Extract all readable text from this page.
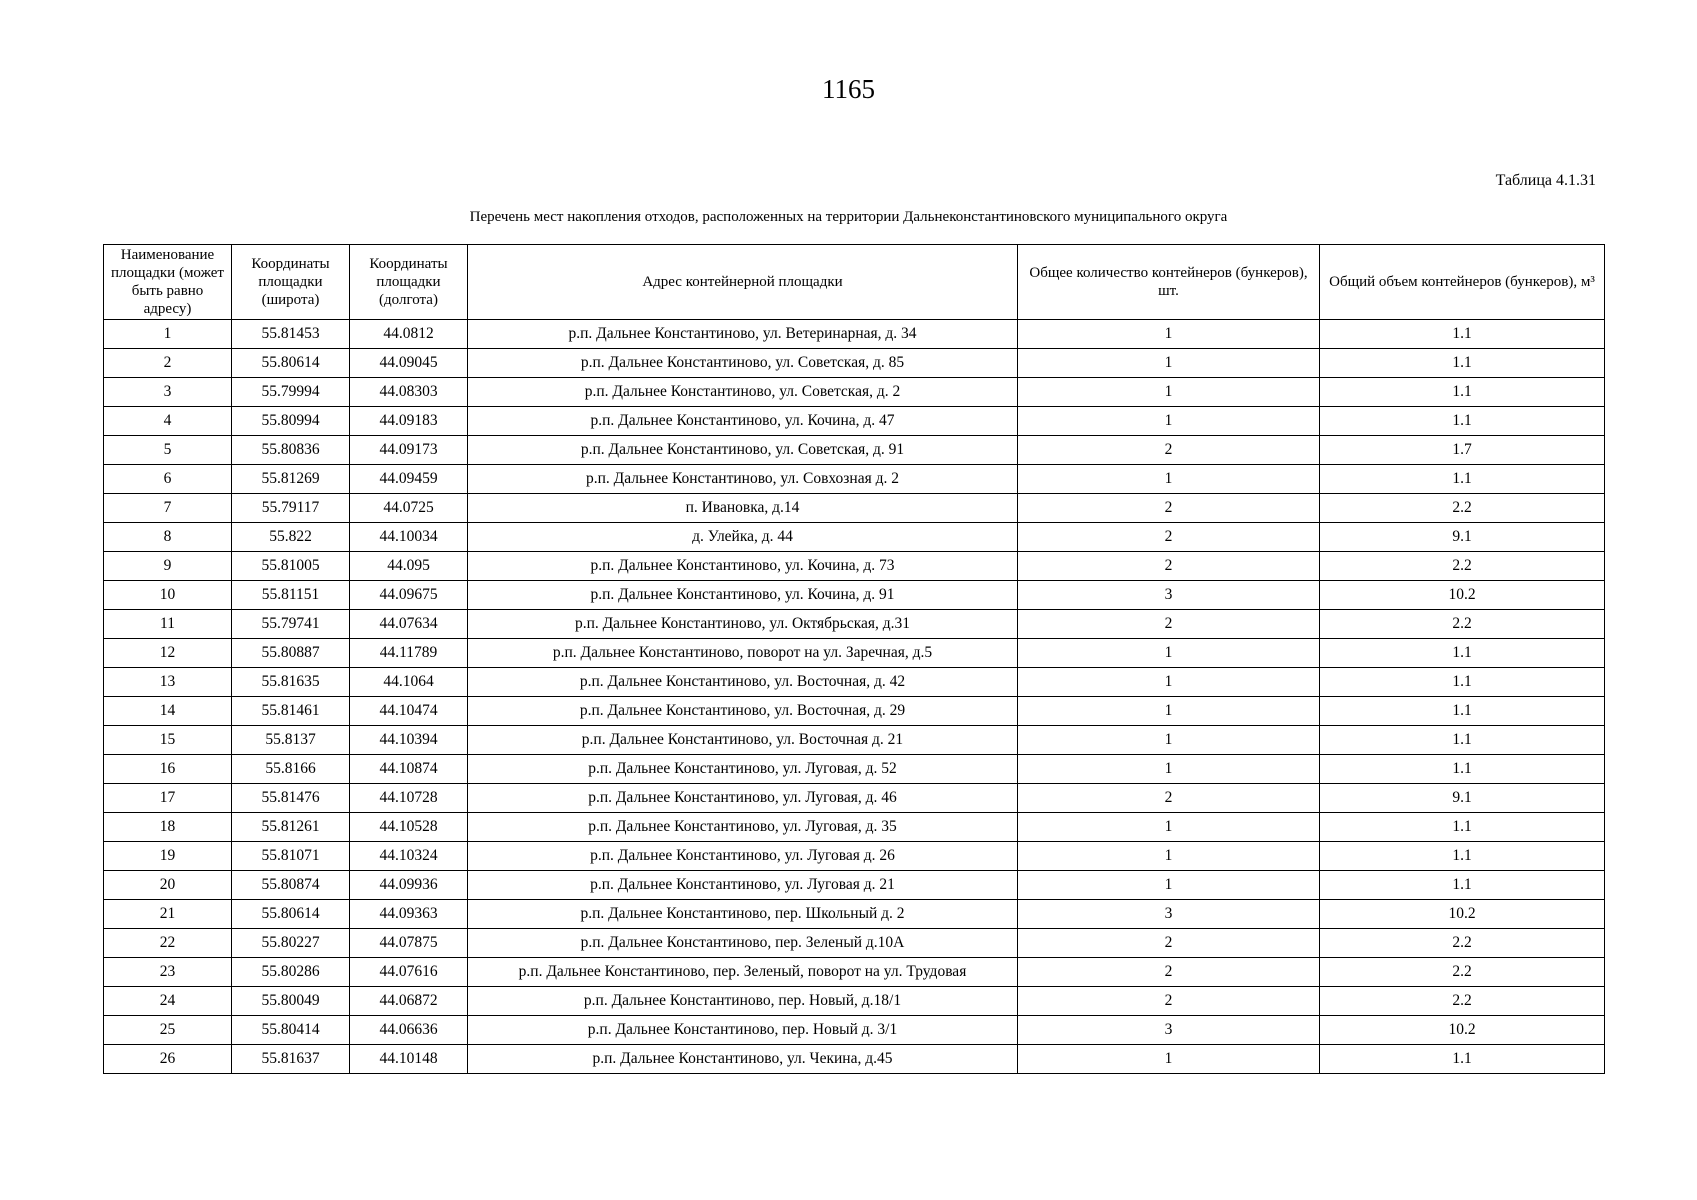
1165
Таблица 4.1.31
Перечень мест накопления отходов, расположенных на территории Дальнеконстантиновского муниципального округа
Наименование площадки (может быть равно адресу)	Координаты площадки (широта)	Координаты площадки (долгота)	Адрес контейнерной площадки	Общее количество контейнеров (бункеров), шт.	Общий объем контейнеров (бункеров), м³
1	55.81453	44.0812	р.п. Дальнее Константиново, ул. Ветеринарная, д. 34	1	1.1
2	55.80614	44.09045	р.п. Дальнее Константиново, ул. Советская, д. 85	1	1.1
3	55.79994	44.08303	р.п. Дальнее Константиново, ул. Советская, д. 2	1	1.1
4	55.80994	44.09183	р.п. Дальнее Константиново, ул. Кочина, д. 47	1	1.1
5	55.80836	44.09173	р.п. Дальнее Константиново, ул. Советская, д. 91	2	1.7
6	55.81269	44.09459	р.п. Дальнее Константиново, ул. Совхозная д. 2	1	1.1
7	55.79117	44.0725	п. Ивановка, д.14	2	2.2
8	55.822	44.10034	д. Улейка, д. 44	2	9.1
9	55.81005	44.095	р.п. Дальнее Константиново, ул. Кочина, д. 73	2	2.2
10	55.81151	44.09675	р.п. Дальнее Константиново, ул. Кочина, д. 91	3	10.2
11	55.79741	44.07634	р.п. Дальнее Константиново, ул. Октябрьская, д.31	2	2.2
12	55.80887	44.11789	р.п. Дальнее Константиново, поворот на ул. Заречная, д.5	1	1.1
13	55.81635	44.1064	р.п. Дальнее Константиново, ул. Восточная, д. 42	1	1.1
14	55.81461	44.10474	р.п. Дальнее Константиново, ул. Восточная, д. 29	1	1.1
15	55.8137	44.10394	р.п. Дальнее Константиново, ул. Восточная д. 21	1	1.1
16	55.8166	44.10874	р.п. Дальнее Константиново, ул. Луговая, д. 52	1	1.1
17	55.81476	44.10728	р.п. Дальнее Константиново, ул. Луговая, д. 46	2	9.1
18	55.81261	44.10528	р.п. Дальнее Константиново, ул. Луговая, д. 35	1	1.1
19	55.81071	44.10324	р.п. Дальнее Константиново, ул. Луговая д. 26	1	1.1
20	55.80874	44.09936	р.п. Дальнее Константиново, ул. Луговая д. 21	1	1.1
21	55.80614	44.09363	р.п. Дальнее Константиново, пер. Школьный д. 2	3	10.2
22	55.80227	44.07875	р.п. Дальнее Константиново, пер. Зеленый д.10А	2	2.2
23	55.80286	44.07616	р.п. Дальнее Константиново, пер. Зеленый, поворот на ул. Трудовая	2	2.2
24	55.80049	44.06872	р.п. Дальнее Константиново, пер. Новый, д.18/1	2	2.2
25	55.80414	44.06636	р.п. Дальнее Константиново, пер. Новый д. 3/1	3	10.2
26	55.81637	44.10148	р.п. Дальнее Константиново, ул. Чекина, д.45	1	1.1
